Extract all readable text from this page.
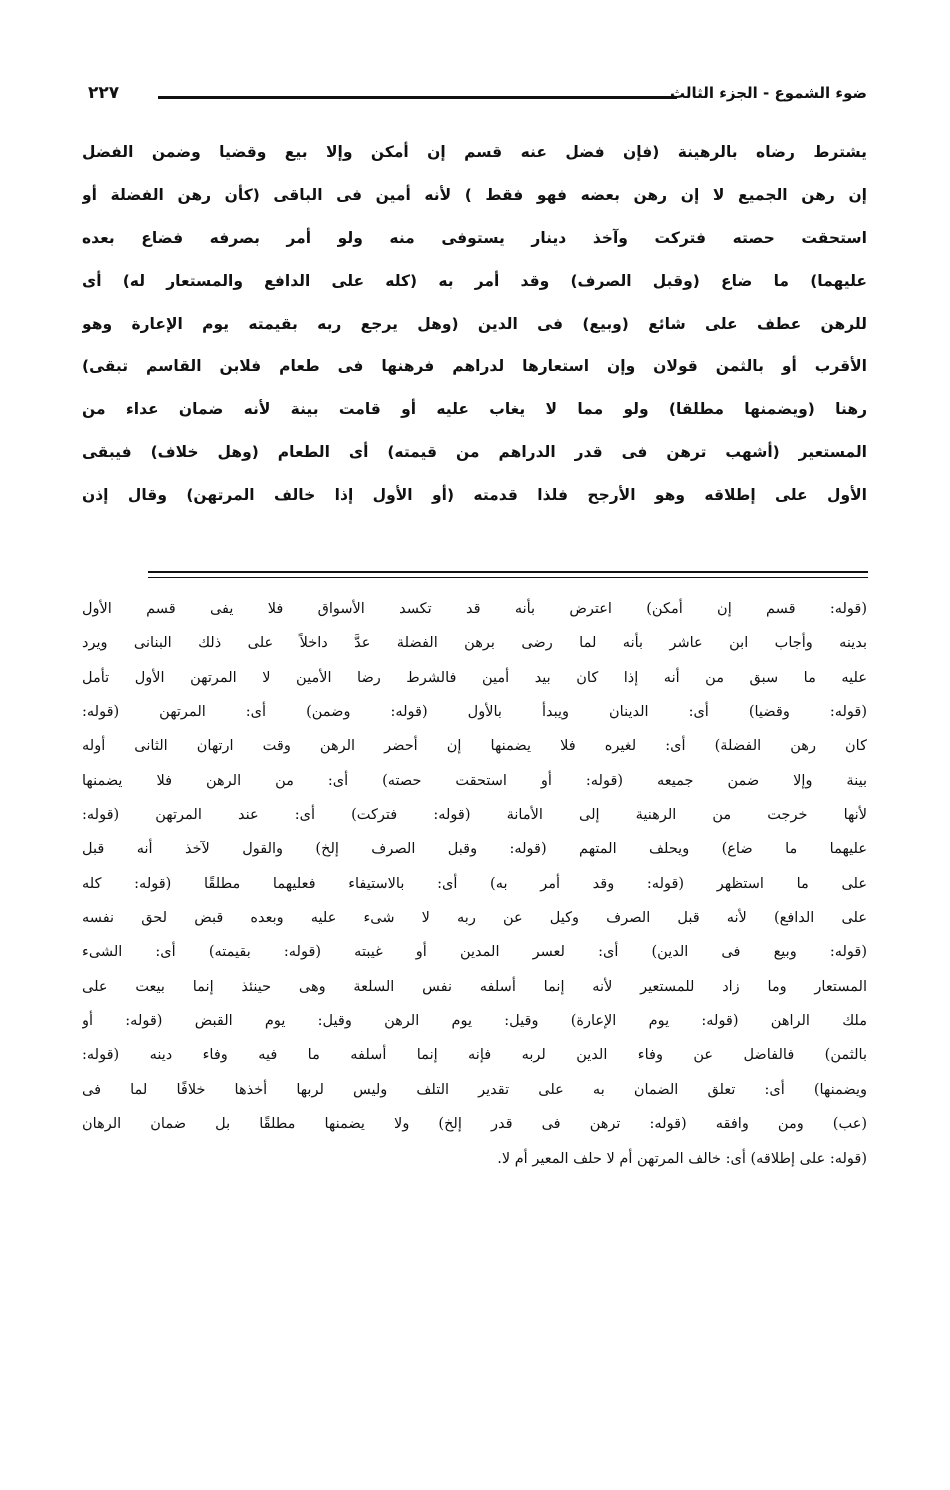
ضوء الشموع - الجزء الثالث
٢٢٧
يشترط رضاه بالرهينة (فإن فضل عنه قسم إن أمكن وإلا بيع وقضيا وضمن الفضل
إن رهن الجميع لا إن رهن بعضه فهو فقط ) لأنه أمين فى الباقى (كأن رهن الفضلة أو
استحقت حصته فتركت وآخذ دينار يستوفى منه ولو أمر بصرفه فضاع بعده
عليهما) ما ضاع (وقبل الصرف) وقد أمر به (كله على الدافع والمستعار له) أى
للرهن عطف على شائع (وبيع) فى الدين (وهل يرجع ربه بقيمته يوم الإعارة وهو
الأقرب أو بالثمن قولان وإن استعارها لدراهم فرهنها فى طعام فلابن القاسم تبقى)
رهنا (ويضمنها مطلقا) ولو مما لا يغاب عليه أو قامت بينة لأنه ضمان عداء من
المستعير (أشهب ترهن فى قدر الدراهم من قيمته) أى الطعام (وهل خلاف) فيبقى
الأول على إطلاقه وهو الأرجح فلذا قدمته (أو الأول إذا خالف المرتهن) وقال إذن
(قوله: قسم إن أمكن) اعترض بأنه قد تكسد الأسواق فلا يفى قسم الأول
بدينه وأجاب ابن عاشر بأنه لما رضى برهن الفضلة عدَّ داخلاً على ذلك البنانى ويرد
عليه ما سبق من أنه إذا كان بيد أمين فالشرط رضا الأمين لا المرتهن الأول تأمل
(قوله: وقضيا) أى: الدينان ويبدأ بالأول (قوله: وضمن) أى: المرتهن (قوله:
كان رهن الفضلة) أى: لغيره فلا يضمنها إن أحضر الرهن وقت ارتهان الثانى أوله
بينة وإلا ضمن جميعه (قوله: أو استحقت حصته) أى: من الرهن فلا يضمنها
لأنها خرجت من الرهنية إلى الأمانة (قوله: فتركت) أى: عند المرتهن (قوله:
عليهما ما ضاع) ويحلف المتهم (قوله: وقبل الصرف إلخ) والقول لآخذ أنه قبل
على ما استظهر (قوله: وقد أمر به) أى: بالاستيفاء فعليهما مطلقًا (قوله: كله
على الدافع) لأنه قبل الصرف وكيل عن ربه لا شىء عليه وبعده قبض لحق نفسه
(قوله: وبيع فى الدين) أى: لعسر المدين أو غيبته (قوله: بقيمته) أى: الشىء
المستعار وما زاد للمستعير لأنه إنما أسلفه نفس السلعة وهى حينئذ إنما بيعت على
ملك الراهن (قوله: يوم الإعارة) وقيل: يوم الرهن وقيل: يوم القبض (قوله: أو
بالثمن) فالفاضل عن وفاء الدين لربه فإنه إنما أسلفه ما فيه وفاء دينه (قوله:
ويضمنها) أى: تعلق الضمان به على تقدير التلف وليس لربها أخذها خلافًا لما فى
(عب) ومن وافقه (قوله: ترهن فى قدر إلخ) ولا يضمنها مطلقًا بل ضمان الرهان
(قوله: على إطلاقه) أى: خالف المرتهن أم لا حلف المعير أم لا.
